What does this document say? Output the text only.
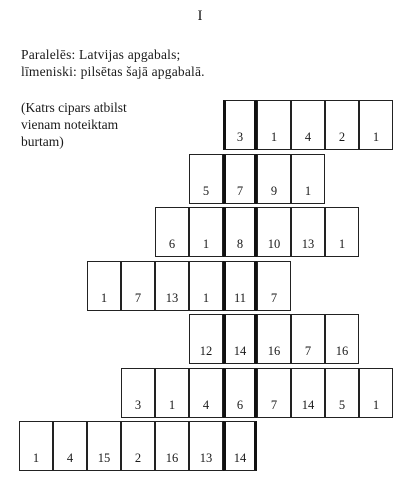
I
Paralelēs: Latvijas apgabals;
līmeniski: pilsētas šajā apgabalā.
(Katrs cipars atbilst
vienam noteiktam
burtam)	3	1	4	2	1
5	7	9	1
6	1	8	10	13	1
1	7	13	1	11	7
12	14	16	7	16
3	1	4	6	7	14	5	1
1	4	15	2	16	13	14
